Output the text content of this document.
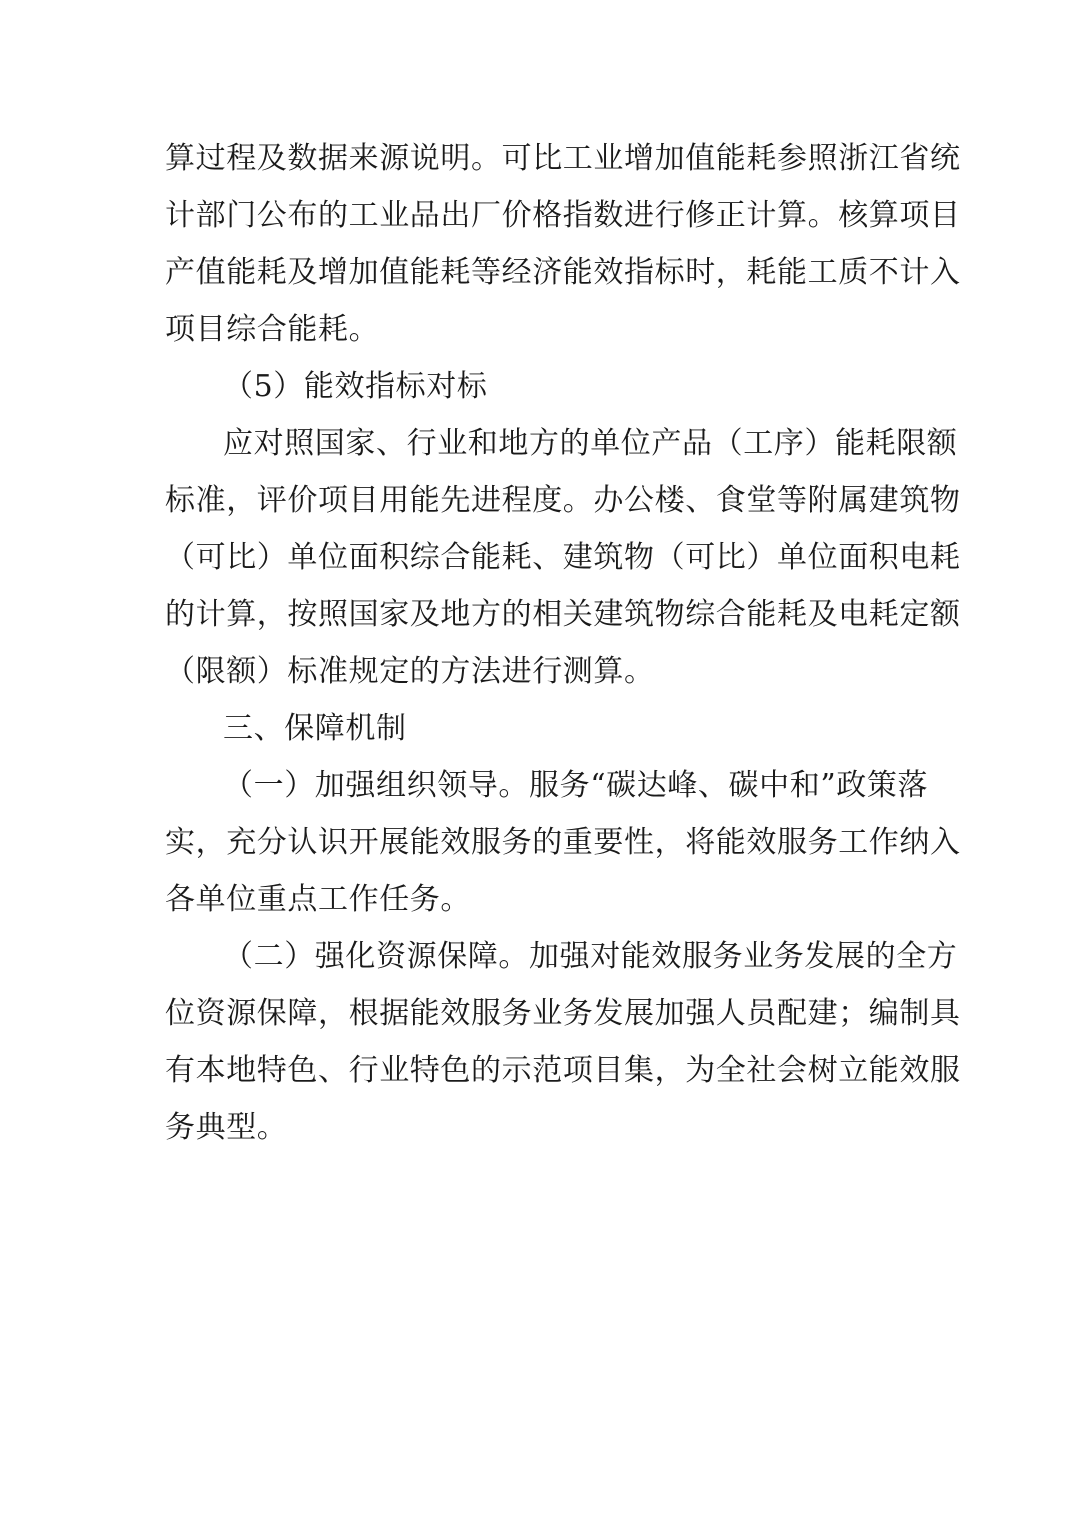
算过程及数据来源说明。可比工业增加值能耗参照浙江省统
计部门公布的工业品出厂价格指数进行修正计算。核算项目
产值能耗及增加值能耗等经济能效指标时，耗能工质不计入
项目综合能耗。
（5）能效指标对标
应对照国家、行业和地方的单位产品（工序）能耗限额
标准，评价项目用能先进程度。办公楼、食堂等附属建筑物
（可比）单位面积综合能耗、建筑物（可比）单位面积电耗
的计算，按照国家及地方的相关建筑物综合能耗及电耗定额
（限额）标准规定的方法进行测算。
三、保障机制
（一）加强组织领导。服务“碳达峰、碳中和”政策落
实，充分认识开展能效服务的重要性，将能效服务工作纳入
各单位重点工作任务。
（二）强化资源保障。加强对能效服务业务发展的全方
位资源保障，根据能效服务业务发展加强人员配建；编制具
有本地特色、行业特色的示范项目集，为全社会树立能效服
务典型。
